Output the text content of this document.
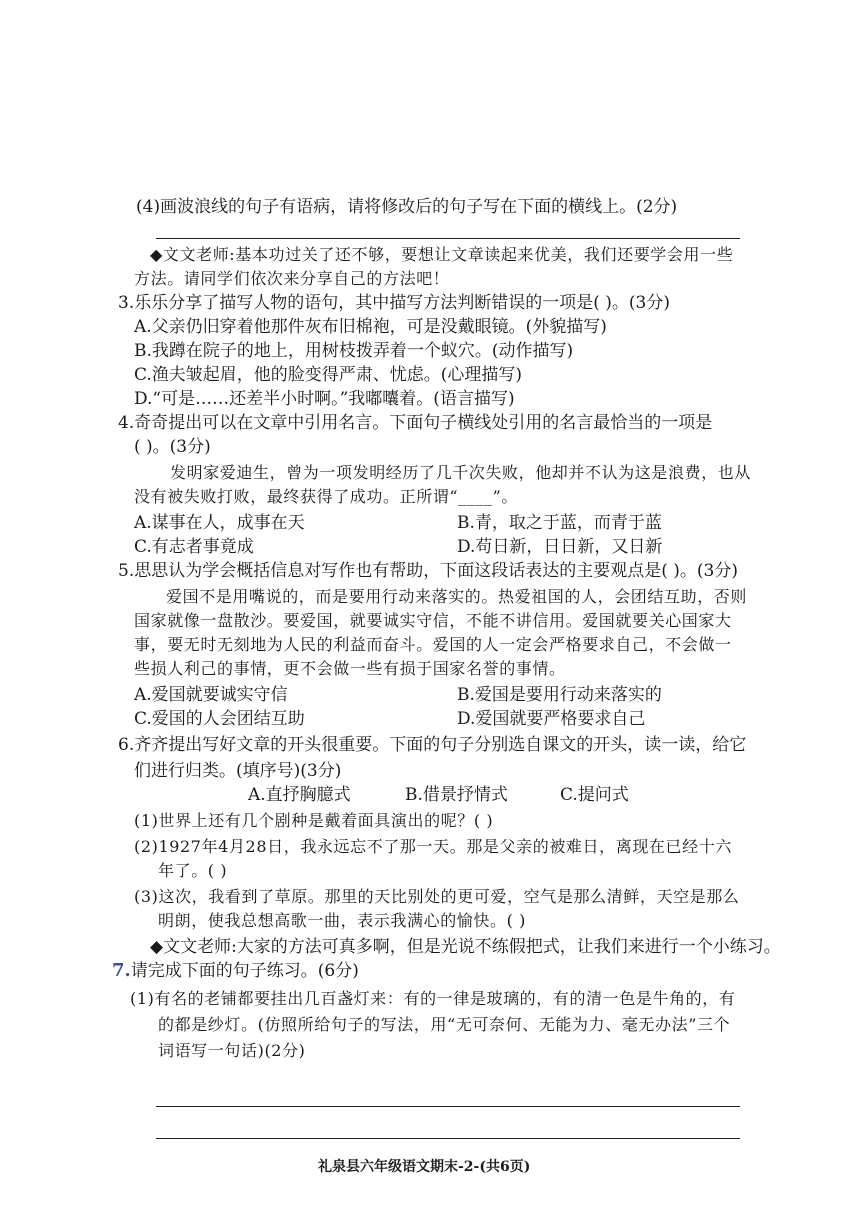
(4)画波浪线的句子有语病，请将修改后的句子写在下面的横线上。(2分)
◆文文老师:基本功过关了还不够，要想让文章读起来优美，我们还要学会用一些
方法。请同学们依次来分享自己的方法吧！
3.乐乐分享了描写人物的语句，其中描写方法判断错误的一项是( )。(3分)
A.父亲仍旧穿着他那件灰布旧棉袍，可是没戴眼镜。(外貌描写)
B.我蹲在院子的地上，用树枝拨弄着一个蚁穴。(动作描写)
C.渔夫皱起眉，他的脸变得严肃、忧虑。(心理描写)
D.“可是……还差半小时啊。”我嘟囔着。(语言描写)
4.奇奇提出可以在文章中引用名言。下面句子横线处引用的名言最恰当的一项是
( )。(3分)
发明家爱迪生，曾为一项发明经历了几千次失败，他却并不认为这是浪费，也从
没有被失败打败，最终获得了成功。正所谓“____”。
A.谋事在人，成事在天	B.青，取之于蓝，而青于蓝
C.有志者事竟成	D.苟日新，日日新，又日新
5.思思认为学会概括信息对写作也有帮助，下面这段话表达的主要观点是( )。(3分)
爱国不是用嘴说的，而是要用行动来落实的。热爱祖国的人，会团结互助，否则
国家就像一盘散沙。要爱国，就要诚实守信，不能不讲信用。爱国就要关心国家大
事，要无时无刻地为人民的利益而奋斗。爱国的人一定会严格要求自己，不会做一
些损人利己的事情，更不会做一些有损于国家名誉的事情。
A.爱国就要诚实守信	B.爱国是要用行动来落实的
C.爱国的人会团结互助	D.爱国就要严格要求自己
6.齐齐提出写好文章的开头很重要。下面的句子分别选自课文的开头，读一读，给它
们进行归类。(填序号)(3分)
A.直抒胸臆式	B.借景抒情式	C.提问式
(1)世界上还有几个剧种是戴着面具演出的呢？( )
(2)1927年4月28日，我永远忘不了那一天。那是父亲的被难日，离现在已经十六
年了。( )
(3)这次，我看到了草原。那里的天比别处的更可爱，空气是那么清鲜，天空是那么
明朗，使我总想高歌一曲，表示我满心的愉快。( )
◆文文老师:大家的方法可真多啊，但是光说不练假把式，让我们来进行一个小练习。
7.请完成下面的句子练习。(6分)
(1)有名的老铺都要挂出几百盏灯来：有的一律是玻璃的，有的清一色是牛角的，有
的都是纱灯。(仿照所给句子的写法，用“无可奈何、无能为力、毫无办法”三个
词语写一句话)(2分)
礼泉县六年级语文期末-2-(共6页)
